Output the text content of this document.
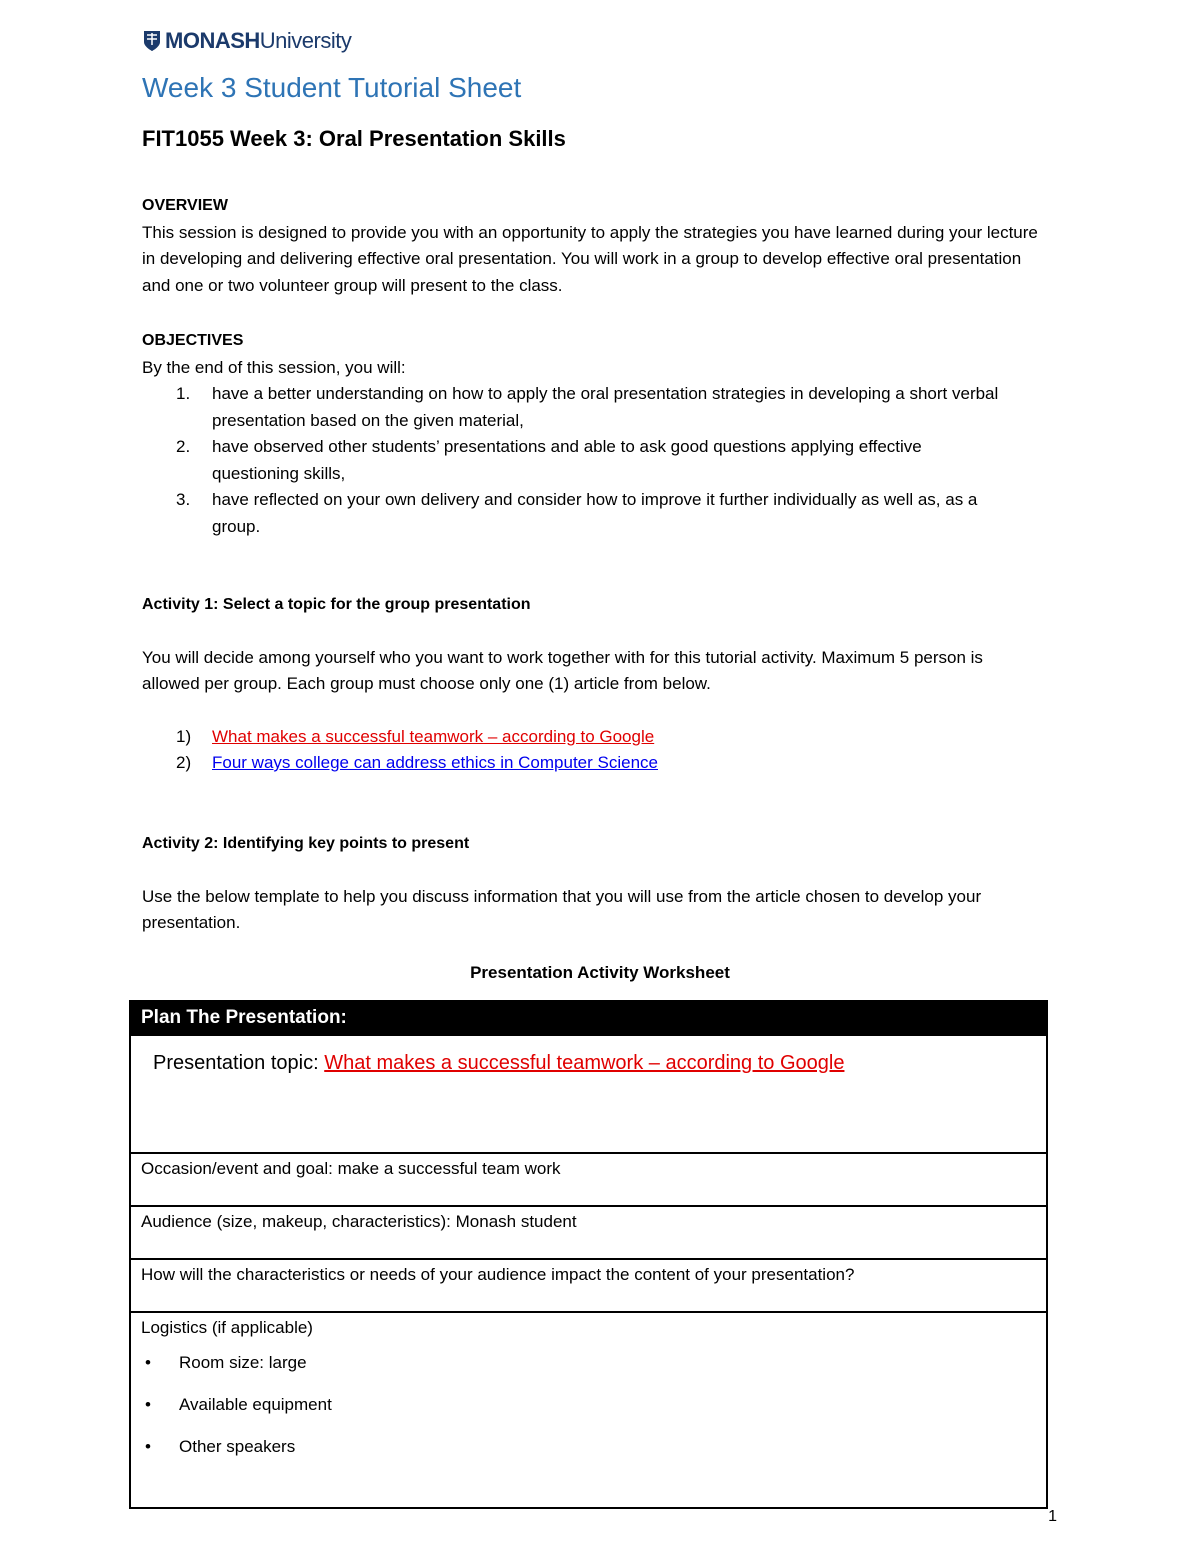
MONASHUniversity
Week 3 Student Tutorial Sheet
FIT1055 Week 3: Oral Presentation Skills
OVERVIEW
This session is designed to provide you with an opportunity to apply the strategies you have learned during your lecture in developing and delivering effective oral presentation. You will work in a group to develop effective oral presentation and one or two volunteer group will present to the class.
OBJECTIVES
By the end of this session, you will:
1.	have a better understanding on how to apply the oral presentation strategies in developing a short verbal presentation based on the given material,
2.	have observed other students’ presentations and able to ask good questions applying effective questioning skills,
3.	have reflected on your own delivery and consider how to improve it further individually as well as, as a group.
Activity 1: Select a topic for the group presentation
You will decide among yourself who you want to work together with for this tutorial activity. Maximum 5 person is allowed per group. Each group must choose only one (1) article from below.
1)	What makes a successful teamwork – according to Google
2)	Four ways college can address ethics in Computer Science
Activity 2: Identifying key points to present
Use the below template to help you discuss information that you will use from the article chosen to develop your presentation.
Presentation Activity Worksheet
Plan The Presentation:
Presentation topic: What makes a successful teamwork – according to Google
Occasion/event and goal: make a successful team work
Audience (size, makeup, characteristics): Monash student
How will the characteristics or needs of your audience impact the content of your presentation?

Logistics (if applicable)
•	Room size: large
•	Available equipment
•	Other speakers
1
